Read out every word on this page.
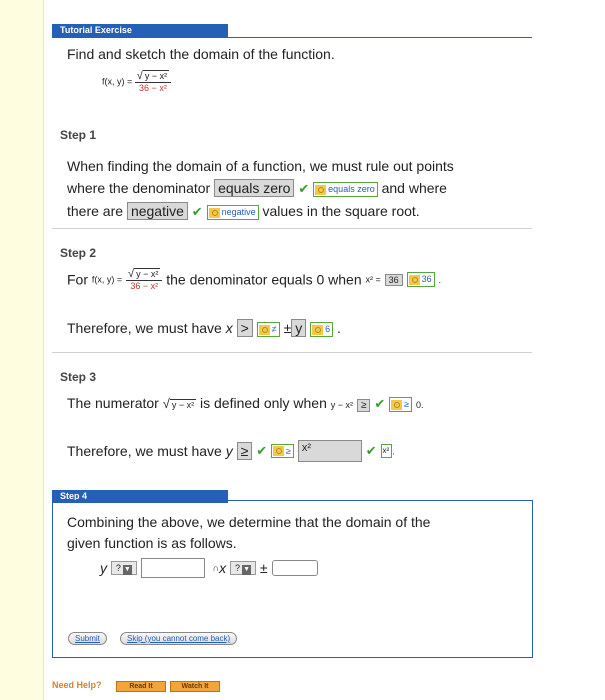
Tutorial Exercise
Find and sketch the domain of the function.
f(x, $y) = \frac{\text{√ y − x²}}{\text{36 − x²}}$
Step 1
When finding the domain of a function, we must rule out points
where the denominator equals zero ✔ equals zero and where
there are negative ✔ negative values in the square root.
Step 2
For f(x, $y) = \frac{\text{√ y − x²}}{\text{36 − x²}}$ the denominator equals 0 when x² = 36	36 .
Therefore, we must have x >	≠ ± y	6 .
Step 3
The numerator √ y − x² is defined only when y − x² ≥ ✔ ≥ 0.
Therefore, we must have y ≥ ✔ ≥ x²	✔ x² .
Step 4
Combining the above, we determine that the domain of the
given function is as follows.
y ? ▼	∩x ? ▼ ±
Submit	Skip (you cannot come back)
Need Help?	Read It	Watch It
